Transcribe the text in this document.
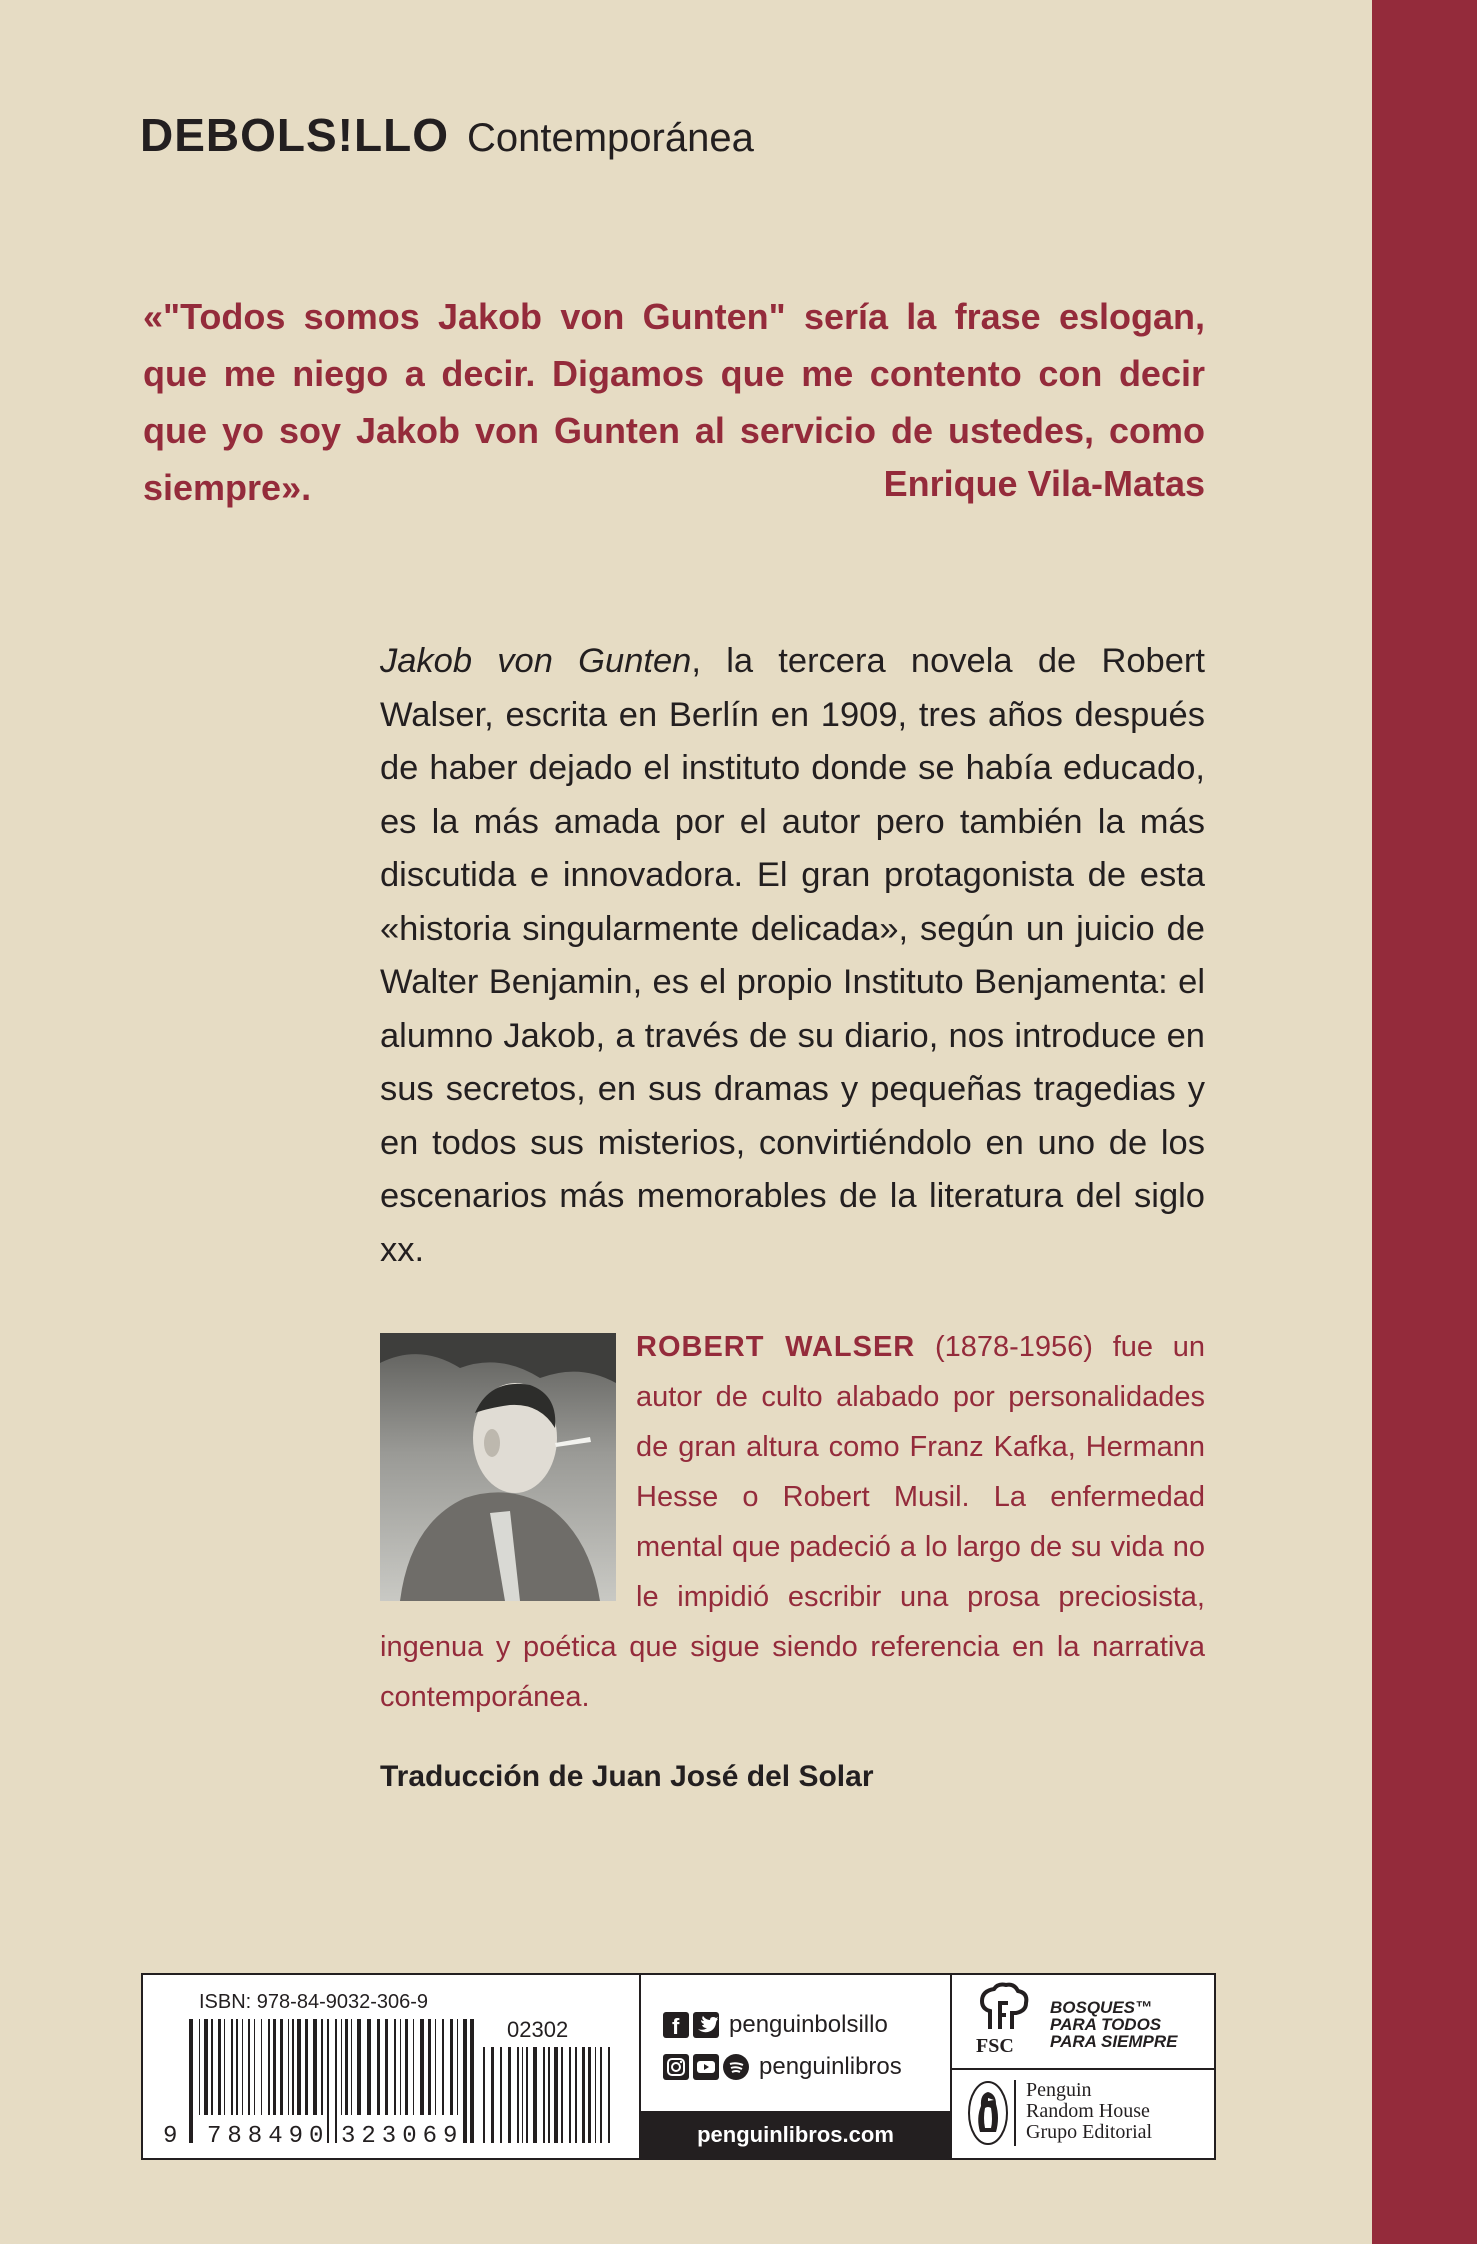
DEBOLS!LLO Contemporánea
«"Todos somos Jakob von Gunten" sería la frase eslogan, que me niego a decir. Digamos que me contento con decir que yo soy Jakob von Gunten al servicio de ustedes, como siempre».	Enrique Vila-Matas
Jakob von Gunten, la tercera novela de Robert Walser, escrita en Berlín en 1909, tres años después de haber dejado el instituto donde se había educado, es la más amada por el autor pero también la más discutida e innovadora. El gran protagonista de esta «historia singularmente delicada», según un juicio de Walter Benjamin, es el propio Instituto Benjamenta: el alumno Jakob, a través de su diario, nos introduce en sus secretos, en sus dramas y pequeñas tragedias y en todos sus misterios, convirtiéndolo en uno de los escenarios más memorables de la literatura del siglo xx.
ROBERT WALSER (1878-1956) fue un autor de culto alabado por personalidades de gran altura como Franz Kafka, Hermann Hesse o Robert Musil. La enfermedad mental que padeció a lo largo de su vida no le impidió escribir una prosa preciosista, ingenua y poética que sigue siendo referencia en la narrativa contemporánea.
Traducción de Juan José del Solar
ISBN: 978-84-9032-306-9
02302
9 788490 323069
f penguinbolsillo
penguinlibros
penguinlibros.com
FSC
BOSQUES™
PARA TODOS
PARA SIEMPRE
Penguin
Random House
Grupo Editorial
